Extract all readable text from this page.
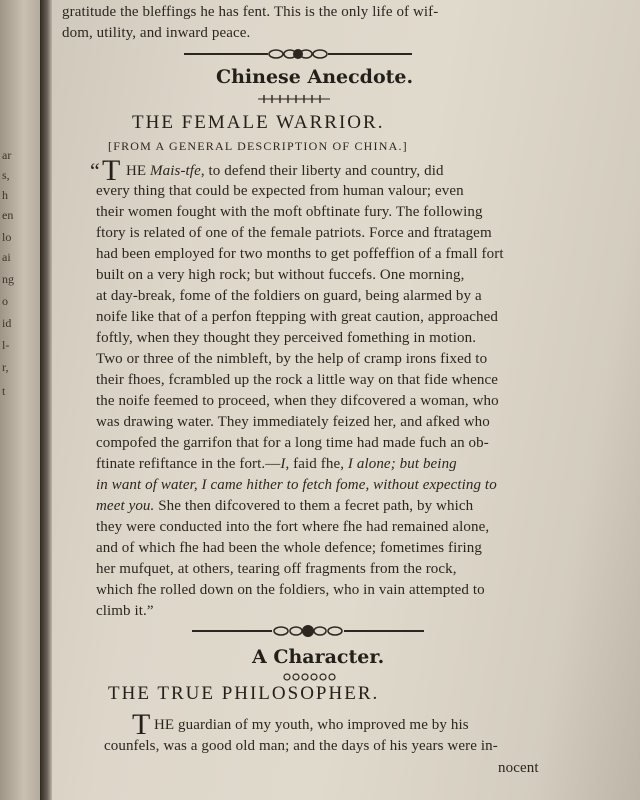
ar
s,
h
en
lo
ai
ng
o
id
l-
r,
t
gratitude the bleffings he has fent. This is the only life of wif-
dom, utility, and inward peace.
Chinese Anecdote.
THE FEMALE WARRIOR.
[FROM A GENERAL DESCRIPTION OF CHINA.]
“ T HE Mais-tfe, to defend their liberty and country, did
every thing that could be expected from human valour; even
their women fought with the moft obftinate fury. The following
ftory is related of one of the female patriots. Force and ftratagem
had been employed for two months to get poffeffion of a fmall fort
built on a very high rock; but without fuccefs. One morning,
at day-break, fome of the foldiers on guard, being alarmed by a
noife like that of a perfon ftepping with great caution, approached
foftly, when they thought they perceived fomething in motion.
Two or three of the nimbleft, by the help of cramp irons fixed to
their fhoes, fcrambled up the rock a little way on that fide whence
the noife feemed to proceed, when they difcovered a woman, who
was drawing water. They immediately feized her, and afked who
compofed the garrifon that for a long time had made fuch an ob-
ftinate refiftance in the fort.—I, faid fhe, I alone; but being
in want of water, I came hither to fetch fome, without expecting to
meet you. She then difcovered to them a fecret path, by which
they were conducted into the fort where fhe had remained alone,
and of which fhe had been the whole defence; fometimes firing
her mufquet, at others, tearing off fragments from the rock,
which fhe rolled down on the foldiers, who in vain attempted to
climb it.”
A Character.
THE TRUE PHILOSOPHER.
T HE guardian of my youth, who improved me by his
counfels, was a good old man; and the days of his years were in-
nocent
